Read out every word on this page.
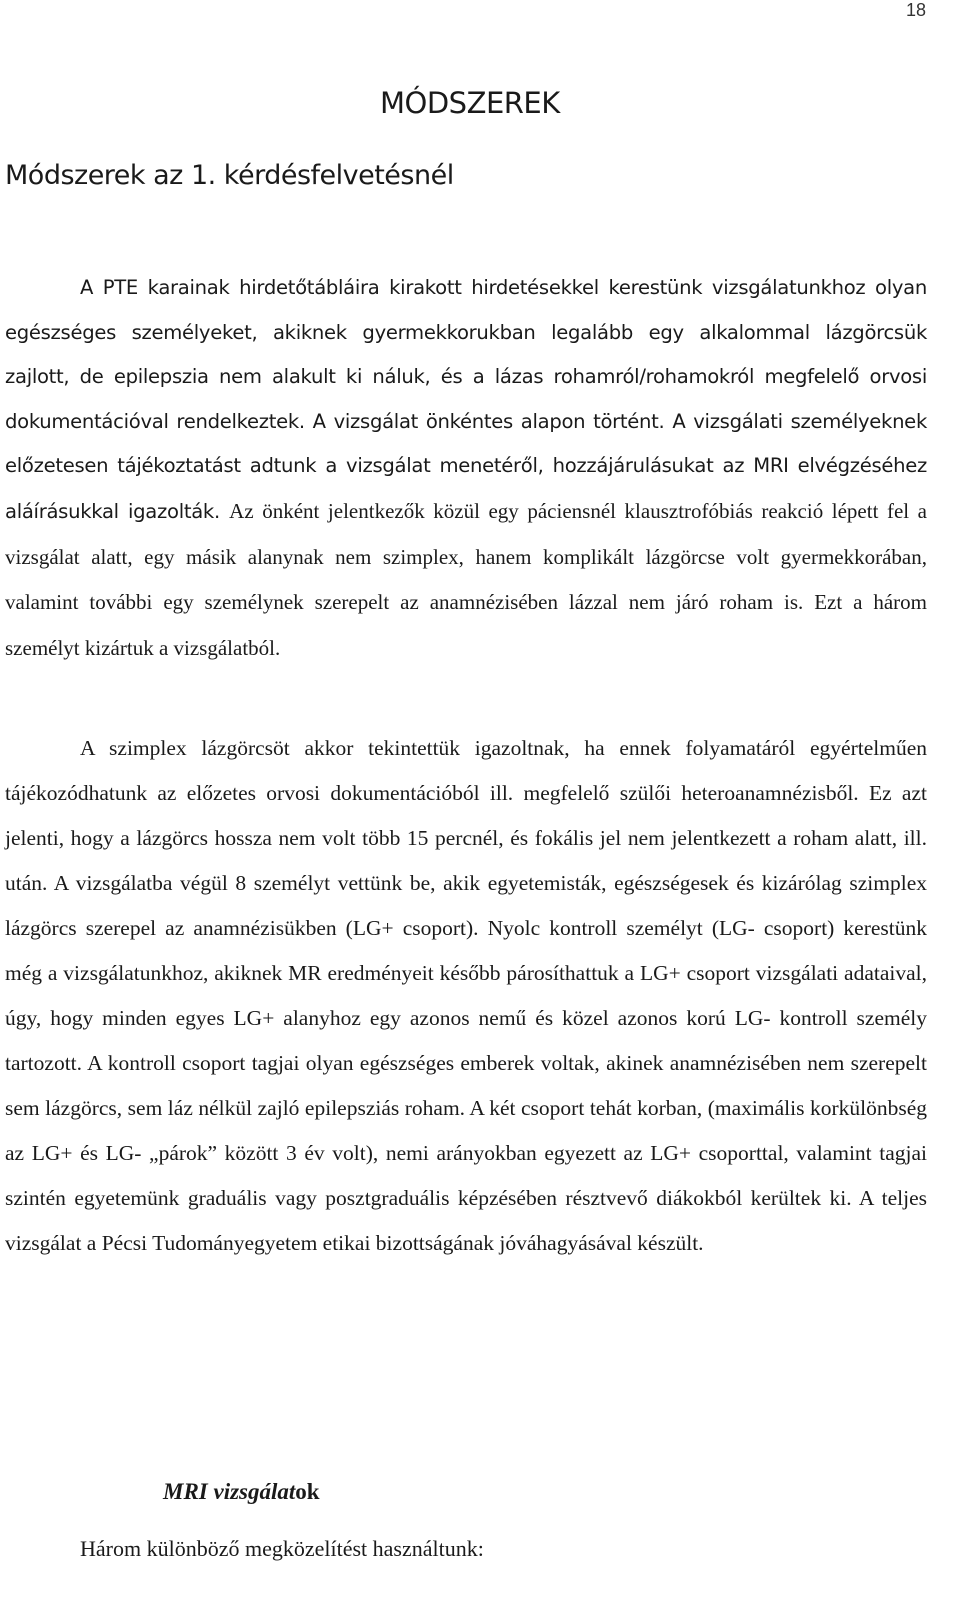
18
MÓDSZEREK
Módszerek az 1. kérdésfelvetésnél

A PTE karainak hirdetőtábláira kirakott hirdetésekkel kerestünk vizsgálatunkhoz olyan egészséges személyeket, akiknek gyermekkorukban legalább egy alkalommal lázgörcsük zajlott, de epilepszia nem alakult ki náluk, és a lázas rohamról/rohamokról megfelelő orvosi dokumentációval rendelkeztek. A vizsgálat önkéntes alapon történt. A vizsgálati személyeknek előzetesen tájékoztatást adtunk a vizsgálat menetéről, hozzájárulásukat az MRI elvégzéséhez aláírásukkal igazolták. Az önként jelentkezők közül egy páciensnél klausztrofóbiás reakció lépett fel a vizsgálat alatt, egy másik alanynak nem szimplex, hanem komplikált lázgörcse volt gyermekkorában, valamint további egy személynek szerepelt az anamnézisében lázzal nem járó roham is. Ezt a három személyt kizártuk a vizsgálatból.

A szimplex lázgörcsöt akkor tekintettük igazoltnak, ha ennek folyamatáról egyértelműen tájékozódhatunk az előzetes orvosi dokumentációból ill. megfelelő szülői heteroanamnézisből. Ez azt jelenti, hogy a lázgörcs hossza nem volt több 15 percnél, és fokális jel nem jelentkezett a roham alatt, ill. után. A vizsgálatba végül 8 személyt vettünk be, akik egyetemisták, egészségesek és kizárólag szimplex lázgörcs szerepel az anamnézisükben (LG+ csoport). Nyolc kontroll személyt (LG- csoport) kerestünk még a vizsgálatunkhoz, akiknek MR eredményeit később párosíthattuk a LG+ csoport vizsgálati adataival, úgy, hogy minden egyes LG+ alanyhoz egy azonos nemű és közel azonos korú LG- kontroll személy tartozott. A kontroll csoport tagjai olyan egészséges emberek voltak, akinek anamnézisében nem szerepelt sem lázgörcs, sem láz nélkül zajló epilepsziás roham. A két csoport tehát korban, (maximális korkülönbség az LG+ és LG- „párok” között 3 év volt), nemi arányokban egyezett az LG+ csoporttal, valamint tagjai szintén egyetemünk graduális vagy posztgraduális képzésében résztvevő diákokból kerültek ki. A teljes vizsgálat a Pécsi Tudományegyetem etikai bizottságának jóváhagyásával készült.

MRI vizsgálatok

Három különböző megközelítést használtunk:
